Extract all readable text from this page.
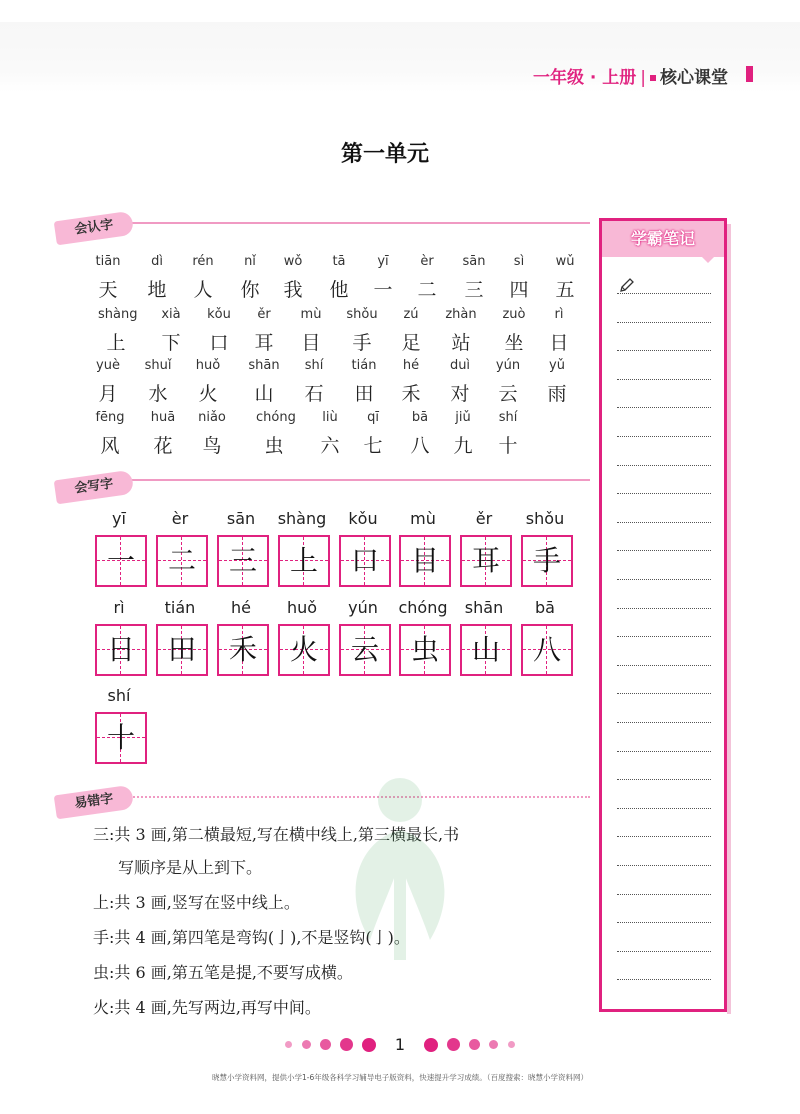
一年级 · 上册 | 核心课堂
第一单元
会认字
tiān
天
dì
地
rén
人
nǐ
你
wǒ
我
tā
他
yī
一
èr
二
sān
三
sì
四
wǔ
五
shàng
上
xià
下
kǒu
口
ěr
耳
mù
目
shǒu
手
zú
足
zhàn
站
zuò
坐
rì
日
yuè
月
shuǐ
水
huǒ
火
shān
山
shí
石
tián
田
hé
禾
duì
对
yún
云
yǔ
雨
fēng
风
huā
花
niǎo
鸟
chóng
虫
liù
六
qī
七
bā
八
jiǔ
九
shí
十
会写字
yī
一
èr
二
sān
三
shàng
上
kǒu
口
mù
目
ěr
耳
shǒu
手
rì
日
tián
田
hé
禾
huǒ
火
yún
云
chóng
虫
shān
山
bā
八
shí
十
易错字
三:共 3 画,第二横最短,写在横中线上,第三横最长,书
写顺序是从上到下。
上:共 3 画,竖写在竖中线上。
手:共 4 画,第四笔是弯钩(亅),不是竖钩(亅)。
虫:共 6 画,第五笔是提,不要写成横。
火:共 4 画,先写两边,再写中间。
学霸笔记
1
晓慧小学资料网，提供小学1-6年级各科学习辅导电子版资料，快速提升学习成绩。（百度搜索：晓慧小学资料网）
